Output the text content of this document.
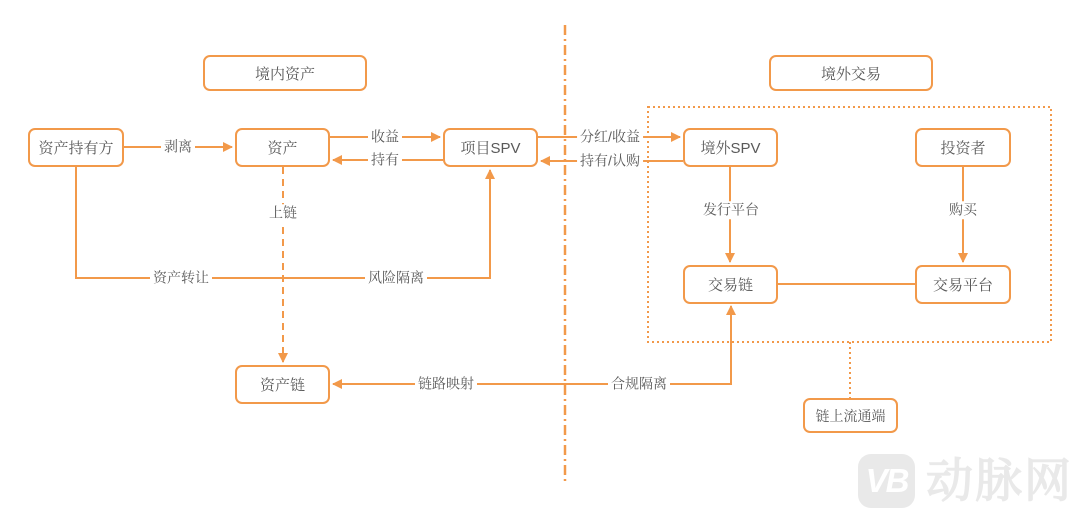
VB 动脉网
境内资产	境外交易
资产持有方	资产	项目SPV	境外SPV	投资者
交易链	交易平台
资产链
链上流通端
剥离
收益
持有
分红/收益
持有/认购
上链
资产转让	风险隔离
发行平台	购买
链路映射	合规隔离
